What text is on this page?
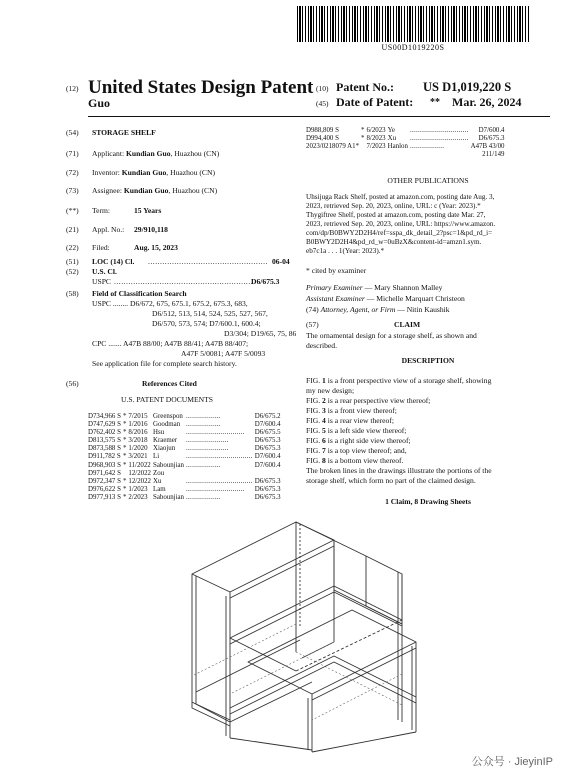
US00D1019220S
(12) United States Design Patent
Guo
(10) Patent No.: US D1,019,220 S
(45) Date of Patent: ** Mar. 26, 2024
(54) STORAGE SHELF
(71) Applicant: Kundian Guo, Huazhou (CN)
(72) Inventor: Kundian Guo, Huazhou (CN)
(73) Assignee: Kundian Guo, Huazhou (CN)
(**) Term:	15 Years
(21) Appl. No.: 29/910,118
(22) Filed:	Aug. 15, 2023
(51) LOC (14) Cl. .................................................. 06-04
(52) U.S. Cl.
USPC ..........................................................
D6/675.3
(58) Field of Classification Search
USPC ........ D6/672, 675, 675.1, 675.2, 675.3, 683,
D6/512, 513, 514, 524, 525, 527, 567,
D6/570, 573, 574; D7/600.1, 600.4;
D3/304; D19/65, 75, 86
CPC ....... A47B 88/00; A47B 88/41; A47B 88/407;
A47F 5/0081; A47F 5/0093
See application file for complete search history.
(56)	References Cited
U.S. PATENT DOCUMENTS
D734,966 S	*	7/2015	Greenspon	.................	D6/675.2
D747,629 S	*	1/2016	Goodman	.................	D7/600.4
D762,402 S	*	8/2016	Hsu	.............................	D6/675.5
D813,575 S	*	3/2018	Kraemer	.....................	D6/675.3
D873,588 S	*	1/2020	Xiaojun	.....................	D6/675.3
D911,782 S	*	3/2021	Li	.................................	D7/600.4
D968,903 S	*	11/2022	Sabounjian	.................	D7/600.4
D971,642 S		12/2022	Zou		
D972,347 S	*	12/2022	Xu	.................................	D6/675.3
D976,622 S	*	1/2023	Lam	.............................	D6/675.3
D977,913 S	*	2/2023	Sabounjian	.................	D6/675.3
D988,809 S	*	6/2023	Ye	.............................	D7/600.4
D994,400 S	*	8/2023	Xu	.............................	D6/675.3
2023/0218079 A1*		7/2023	Hanlon	.................	A47B 43/00
					211/149
OTHER PUBLICATIONS
Uhsijuga Rack Shelf, posted at amazon.com, posting date Aug. 3,
2023, retrieved Sep. 20, 2023, online, URL: c (Year: 2023).*
Thygiftree Shelf, posted at amazon.com, posting date Mar. 27,
2023, retrieved Sep. 20, 2023, online, URL: https://www.amazon.
com/dp/B0BWY2D2H4/ref=sspa_dk_detail_2?psc=1&pd_rd_i=
B0BWY2D2H4&pd_rd_w=0uBzX&content-id=amzn1.sym.
eb7c1a . . . 1(Year: 2023).*
* cited by examiner
Primary Examiner — Mary Shannon Malley
Assistant Examiner — Michelle Marquart Christeon
(74) Attorney, Agent, or Firm — Nitin Kaushik
(57)	CLAIM
The ornamental design for a storage shelf, as shown and
described.
DESCRIPTION
FIG. 1 is a front perspective view of a storage shelf, showing
my new design;
FIG. 2 is a rear perspective view thereof;
FIG. 3 is a front view thereof;
FIG. 4 is a rear view thereof;
FIG. 5 is a left side view thereof;
FIG. 6 is a right side view thereof;
FIG. 7 is a top view thereof; and,
FIG. 8 is a bottom view thereof.
The broken lines in the drawings illustrate the portions of the
storage shelf, which form no part of the claimed design.
1 Claim, 8 Drawing Sheets
公众号 · JieyinIP
